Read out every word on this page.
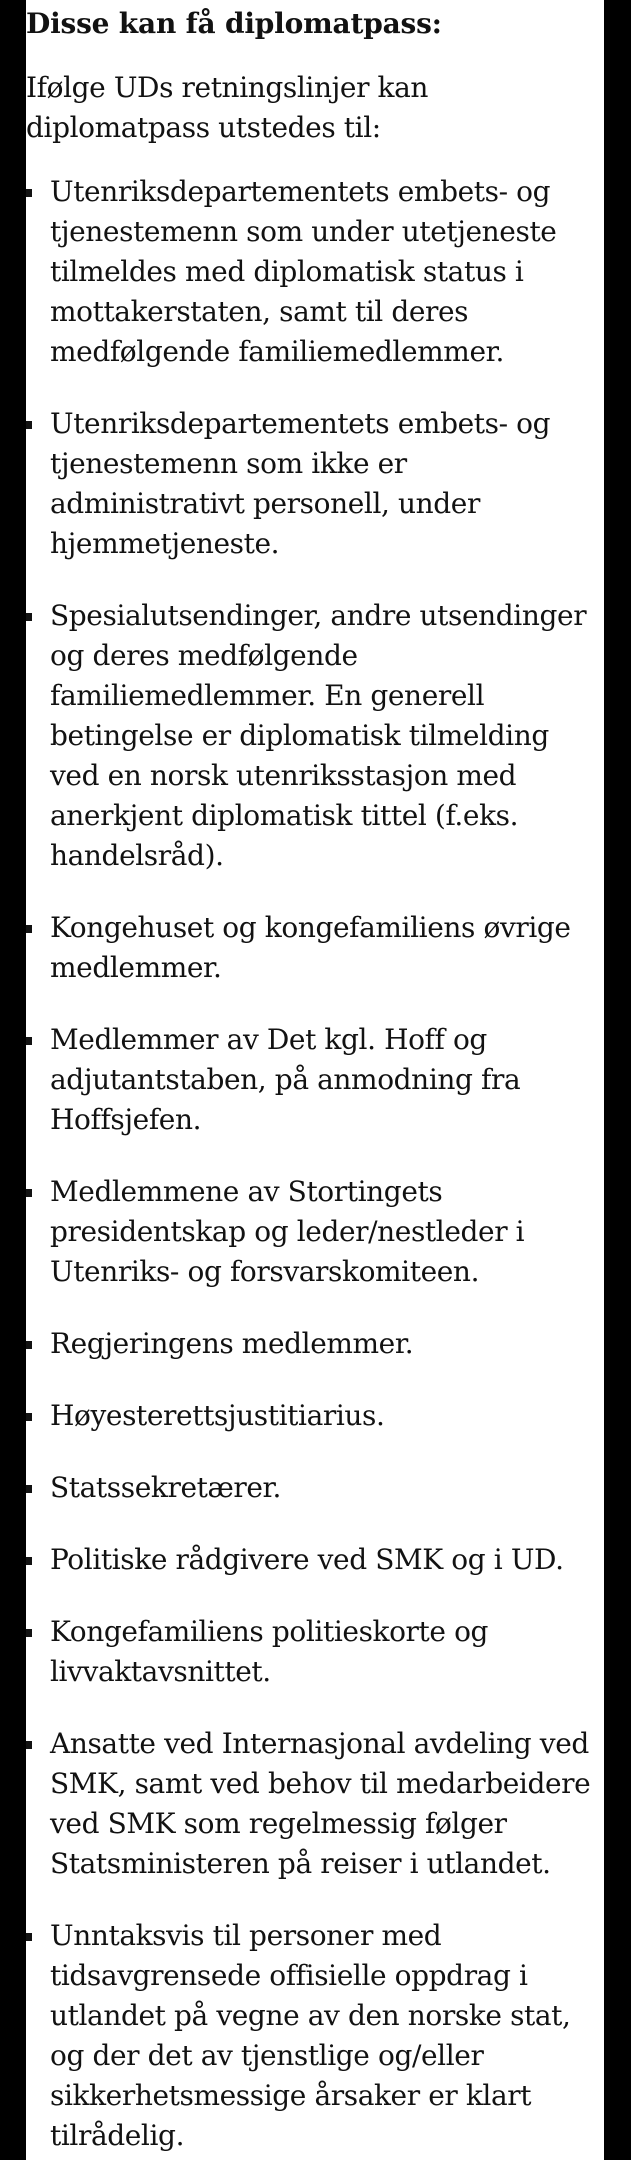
Disse kan få diplomatpass:

Ifølge UDs retningslinjer kan diplomatpass utstedes til:

Utenriksdepartementets embets- og tjenestemenn som under utetjeneste tilmeldes med diplomatisk status i mottakerstaten, samt til deres medfølgende familiemedlemmer.
Utenriksdepartementets embets- og tjenestemenn som ikke er administrativt personell, under hjemmetjeneste.
Spesialutsendinger, andre utsendinger og deres medfølgende familiemedlemmer. En generell betingelse er diplomatisk tilmelding ved en norsk utenriksstasjon med anerkjent diplomatisk tittel (f.eks. handelsråd).
Kongehuset og kongefamiliens øvrige medlemmer.
Medlemmer av Det kgl. Hoff og adjutantstaben, på anmodning fra Hoffsjefen.
Medlemmene av Stortingets presidentskap og leder/nestleder i Utenriks- og forsvarskomiteen.
Regjeringens medlemmer.
Høyesterettsjustitiarius.
Statssekretærer.
Politiske rådgivere ved SMK og i UD.
Kongefamiliens politieskorte og livvaktavsnittet.
Ansatte ved Internasjonal avdeling ved SMK, samt ved behov til medarbeidere ved SMK som regelmessig følger Statsministeren på reiser i utlandet.
Unntaksvis til personer med tidsavgrensede offisielle oppdrag i utlandet på vegne av den norske stat, og der det av tjenstlige og/eller sikkerhetsmessige årsaker er klart tilrådelig.
